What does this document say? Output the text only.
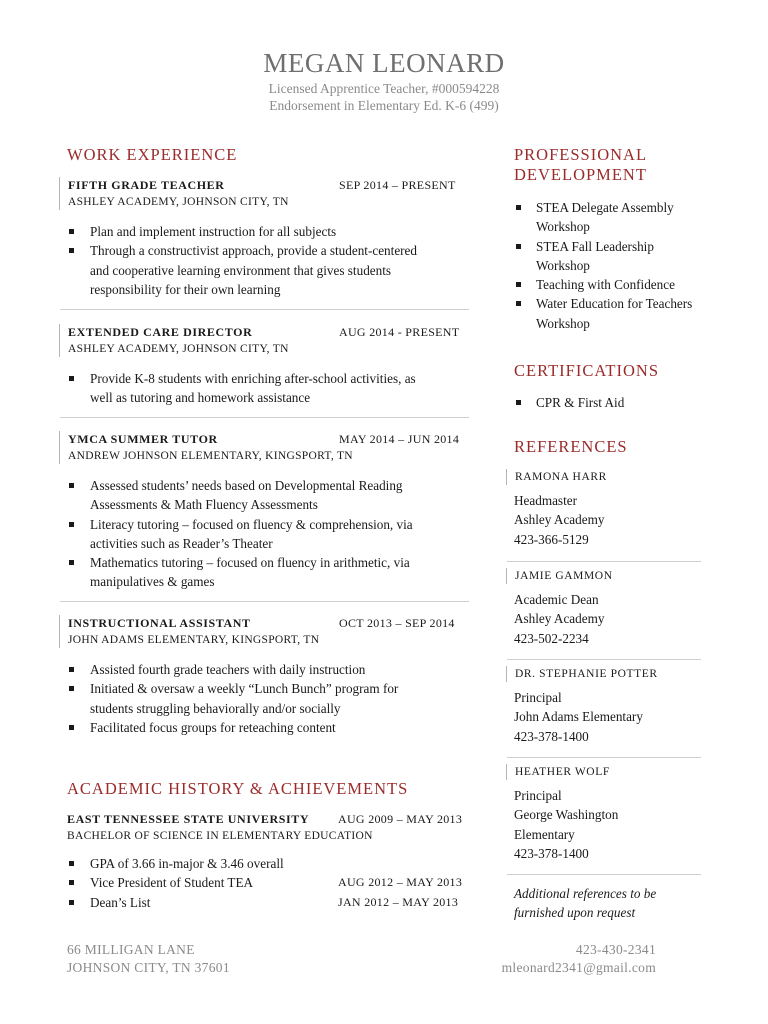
MEGAN LEONARD
Licensed Apprentice Teacher, #000594228
Endorsement in Elementary Ed. K-6 (499)
WORK EXPERIENCE
FIFTH GRADE TEACHER	SEP 2014 – PRESENT
ASHLEY ACADEMY, JOHNSON CITY, TN
Plan and implement instruction for all subjects
Through a constructivist approach, provide a student-centered and cooperative learning environment that gives students responsibility for their own learning
EXTENDED CARE DIRECTOR	AUG 2014 - PRESENT
ASHLEY ACADEMY, JOHNSON CITY, TN
Provide K-8 students with enriching after-school activities, as well as tutoring and homework assistance
YMCA SUMMER TUTOR	MAY 2014 – JUN 2014
ANDREW JOHNSON ELEMENTARY, KINGSPORT, TN
Assessed students’ needs based on Developmental Reading Assessments & Math Fluency Assessments
Literacy tutoring – focused on fluency & comprehension, via activities such as Reader’s Theater
Mathematics tutoring – focused on fluency in arithmetic, via manipulatives & games
INSTRUCTIONAL ASSISTANT	OCT 2013 – SEP 2014
JOHN ADAMS ELEMENTARY, KINGSPORT, TN
Assisted fourth grade teachers with daily instruction
Initiated & oversaw a weekly “Lunch Bunch” program for students struggling behaviorally and/or socially
Facilitated focus groups for reteaching content
ACADEMIC HISTORY & ACHIEVEMENTS
EAST TENNESSEE STATE UNIVERSITY	AUG 2009 – MAY 2013
BACHELOR OF SCIENCE IN ELEMENTARY EDUCATION
GPA of 3.66 in-major & 3.46 overall
Vice President of Student TEA	AUG 2012 – MAY 2013
Dean’s List	JAN 2012 – MAY 2013
PROFESSIONAL
DEVELOPMENT
STEA Delegate Assembly Workshop
STEA Fall Leadership Workshop
Teaching with Confidence
Water Education for Teachers Workshop
CERTIFICATIONS
CPR & First Aid
REFERENCES
RAMONA HARR
Headmaster
Ashley Academy
423-366-5129
JAMIE GAMMON
Academic Dean
Ashley Academy
423-502-2234
DR. STEPHANIE POTTER
Principal
John Adams Elementary
423-378-1400
HEATHER WOLF
Principal
George Washington Elementary
423-378-1400
Additional references to be furnished upon request
66 MILLIGAN LANE
JOHNSON CITY, TN 37601
423-430-2341
mleonard2341@gmail.com
